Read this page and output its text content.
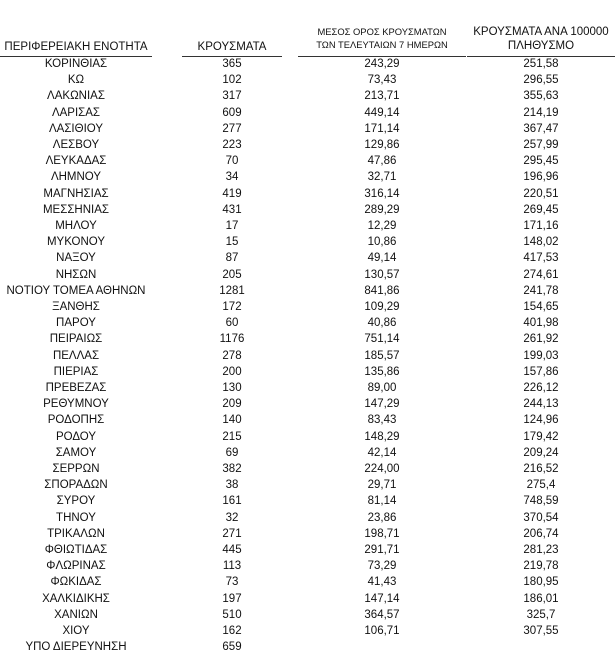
ΠΕΡΙΦΕΡΕΙΑΚΗ ΕΝΟΤΗΤΑ	ΚΡΟΥΣΜΑΤΑ
ΜΕΣΟΣ ΟΡΟΣ ΚΡΟΥΣΜΑΤΩΝ
ΤΩΝ ΤΕΛΕΥΤΑΙΩΝ 7 ΗΜΕΡΩΝ
ΚΡΟΥΣΜΑΤΑ ΑΝΑ 100000
ΠΛΗΘΥΣΜΟ
ΚΟΡΙΝΘΙΑΣ	365	243,29	251,58
ΚΩ	102	73,43	296,55
ΛΑΚΩΝΙΑΣ	317	213,71	355,63
ΛΑΡΙΣΑΣ	609	449,14	214,19
ΛΑΣΙΘΙΟΥ	277	171,14	367,47
ΛΕΣΒΟΥ	223	129,86	257,99
ΛΕΥΚΑΔΑΣ	70	47,86	295,45
ΛΗΜΝΟΥ	34	32,71	196,96
ΜΑΓΝΗΣΙΑΣ	419	316,14	220,51
ΜΕΣΣΗΝΙΑΣ	431	289,29	269,45
ΜΗΛΟΥ	17	12,29	171,16
ΜΥΚΟΝΟΥ	15	10,86	148,02
ΝΑΞΟΥ	87	49,14	417,53
ΝΗΣΩΝ	205	130,57	274,61
ΝΟΤΙΟΥ ΤΟΜΕΑ ΑΘΗΝΩΝ	1281	841,86	241,78
ΞΑΝΘΗΣ	172	109,29	154,65
ΠΑΡΟΥ	60	40,86	401,98
ΠΕΙΡΑΙΩΣ	1176	751,14	261,92
ΠΕΛΛΑΣ	278	185,57	199,03
ΠΙΕΡΙΑΣ	200	135,86	157,86
ΠΡΕΒΕΖΑΣ	130	89,00	226,12
ΡΕΘΥΜΝΟΥ	209	147,29	244,13
ΡΟΔΟΠΗΣ	140	83,43	124,96
ΡΟΔΟΥ	215	148,29	179,42
ΣΑΜΟΥ	69	42,14	209,24
ΣΕΡΡΩΝ	382	224,00	216,52
ΣΠΟΡΑΔΩΝ	38	29,71	275,4
ΣΥΡΟΥ	161	81,14	748,59
ΤΗΝΟΥ	32	23,86	370,54
ΤΡΙΚΑΛΩΝ	271	198,71	206,74
ΦΘΙΩΤΙΔΑΣ	445	291,71	281,23
ΦΛΩΡΙΝΑΣ	113	73,29	219,78
ΦΩΚΙΔΑΣ	73	41,43	180,95
ΧΑΛΚΙΔΙΚΗΣ	197	147,14	186,01
ΧΑΝΙΩΝ	510	364,57	325,7
ΧΙΟΥ	162	106,71	307,55
ΥΠΟ ΔΙΕΡΕΥΝΗΣΗ	659
